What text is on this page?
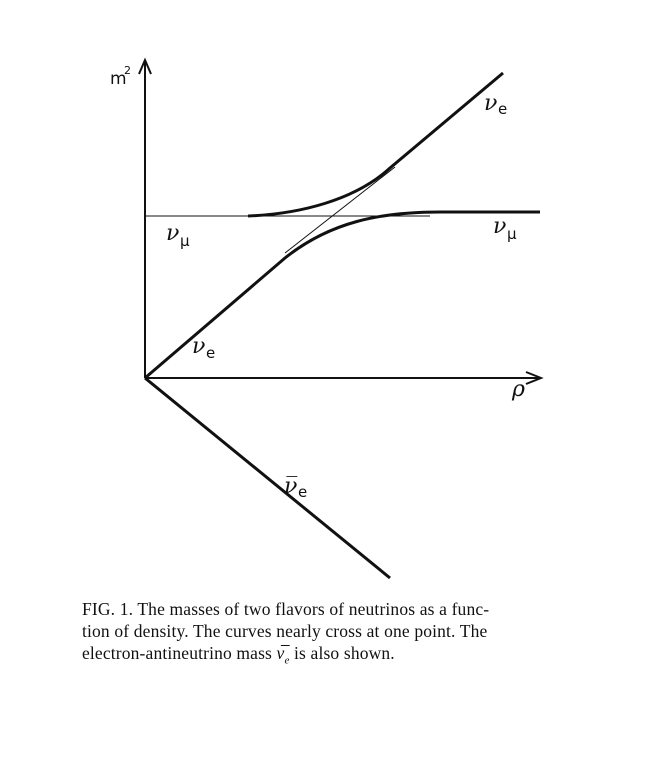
m
2
ρ
ν e
ν μ
ν μ
ν e
ν̅ e
FIG. 1. The masses of two flavors of neutrinos as a func-
tion of density. The curves nearly cross at one point. The
electron-antineutrino mass $\nu̅_e$ is also shown.
